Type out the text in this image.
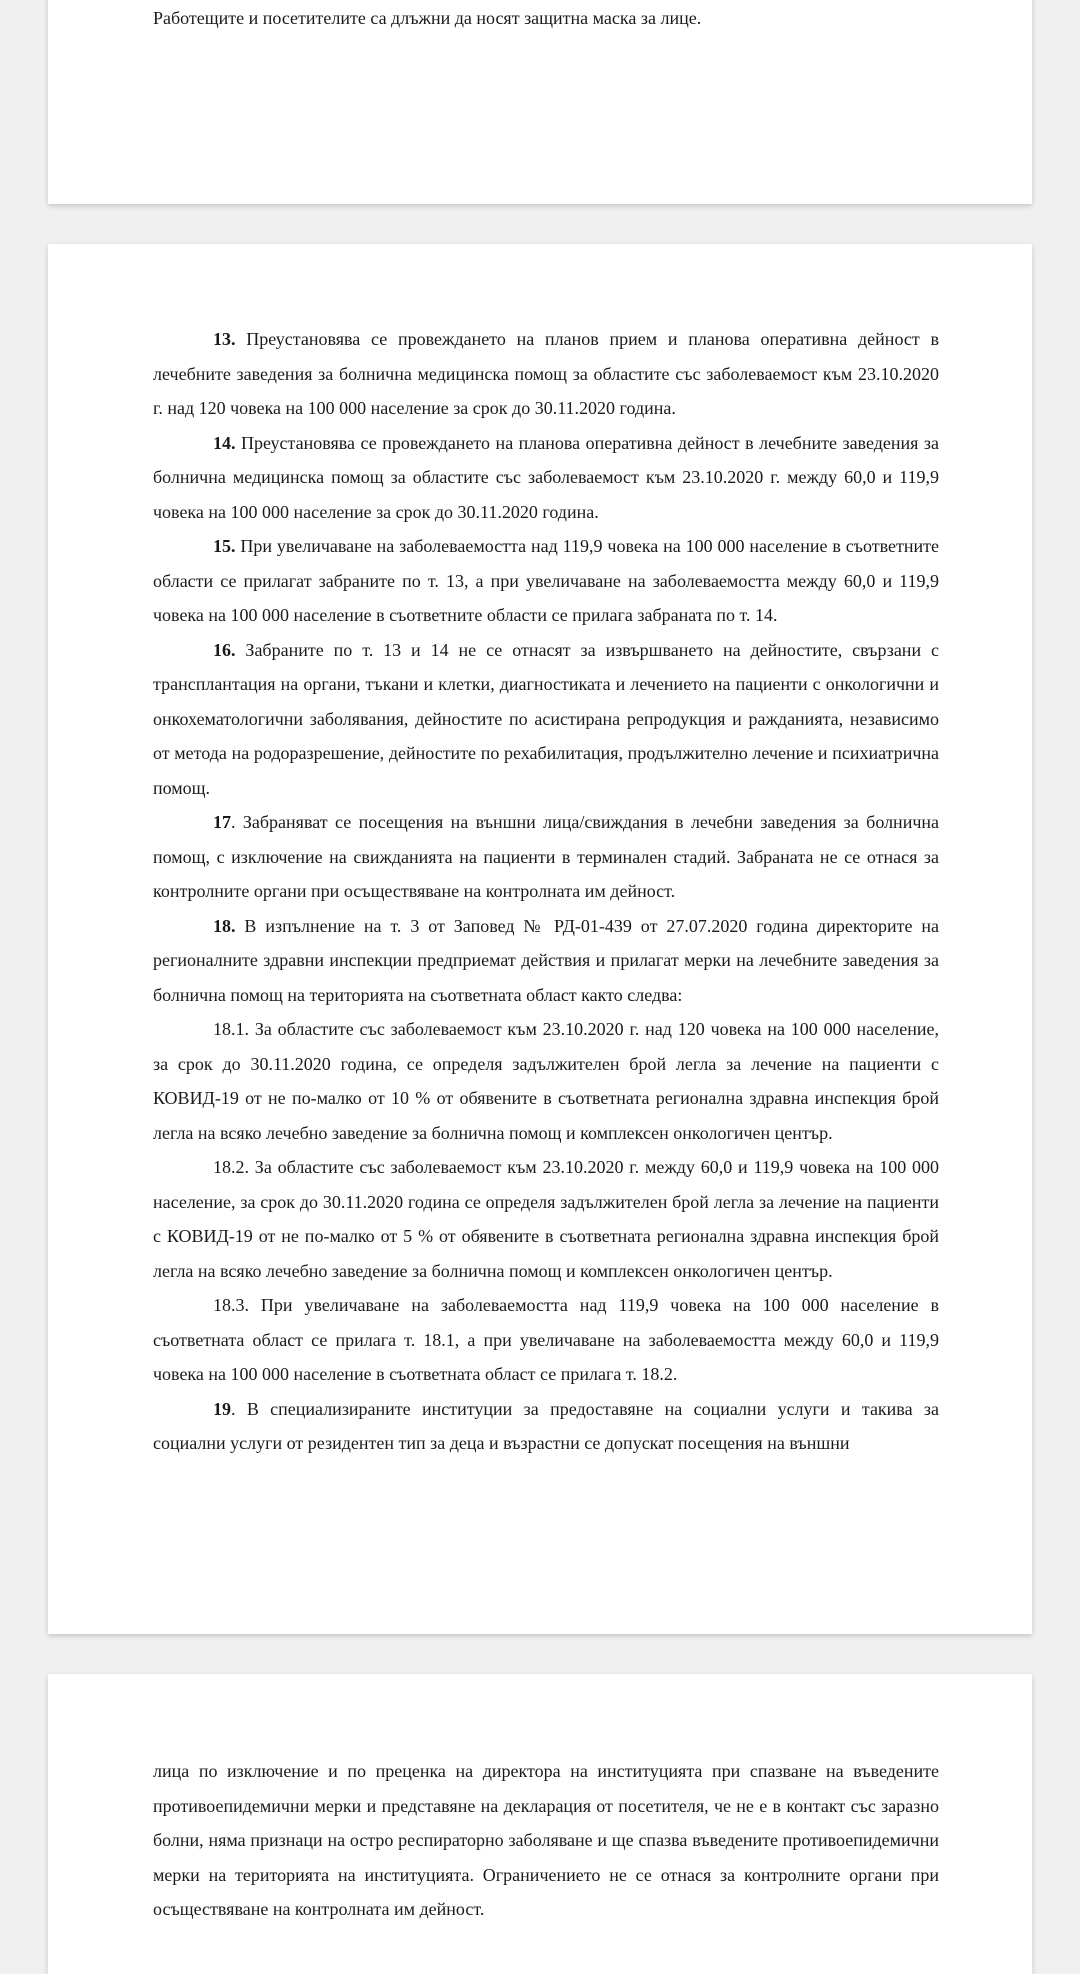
Работещите и посетителите са длъжни да носят защитна маска за лице.

13. Преустановява се провеждането на планов прием и планова оперативна дейност в лечебните заведения за болнична медицинска помощ за областите със заболеваемост към 23.10.2020 г. над 120 човека на 100 000 население за срок до 30.11.2020 година.

14. Преустановява се провеждането на планова оперативна дейност в лечебните заведения за болнична медицинска помощ за областите със заболеваемост към 23.10.2020 г. между 60,0 и 119,9 човека на 100 000 население за срок до 30.11.2020 година.

15. При увеличаване на заболеваемостта над 119,9 човека на 100 000 население в съответните области се прилагат забраните по т. 13, а при увеличаване на заболеваемостта между 60,0 и 119,9 човека на 100 000 население в съответните области се прилага забраната по т. 14.

16. Забраните по т. 13 и 14 не се отнасят за извършването на дейностите, свързани с трансплантация на органи, тъкани и клетки, диагностиката и лечението на пациенти с онкологични и онкохематологични заболявания, дейностите по асистирана репродукция и ражданията, независимо от метода на родоразрешение, дейностите по рехабилитация, продължително лечение и психиатрична помощ.

17. Забраняват се посещения на външни лица/свиждания в лечебни заведения за болнична помощ, с изключение на свижданията на пациенти в терминален стадий. Забраната не се отнася за контролните органи при осъществяване на контролната им дейност.

18. В изпълнение на т. 3 от Заповед № РД-01-439 от 27.07.2020 година директорите на регионалните здравни инспекции предприемат действия и прилагат мерки на лечебните заведения за болнична помощ на територията на съответната област както следва:

18.1. За областите със заболеваемост към 23.10.2020 г. над 120 човека на 100 000 население, за срок до 30.11.2020 година, се определя задължителен брой легла за лечение на пациенти с КОВИД-19 от не по-малко от 10 % от обявените в съответната регионална здравна инспекция брой легла на всяко лечебно заведение за болнична помощ и комплексен онкологичен център.

18.2. За областите със заболеваемост към 23.10.2020 г. между 60,0 и 119,9 човека на 100 000 население, за срок до 30.11.2020 година се определя задължителен брой легла за лечение на пациенти с КОВИД-19 от не по-малко от 5 % от обявените в съответната регионална здравна инспекция брой легла на всяко лечебно заведение за болнична помощ и комплексен онкологичен център.

18.3. При увеличаване на заболеваемостта над 119,9 човека на 100 000 население в съответната област се прилага т. 18.1, а при увеличаване на заболеваемостта между 60,0 и 119,9 човека на 100 000 население в съответната област се прилага т. 18.2.

19. В специализираните институции за предоставяне на социални услуги и такива за социални услуги от резидентен тип за деца и възрастни се допускат посещения на външни

лица по изключение и по преценка на директора на институцията при спазване на въведените противоепидемични мерки и представяне на декларация от посетителя, че не е в контакт със заразно болни, няма признаци на остро респираторно заболяване и ще спазва въведените противоепидемични мерки на територията на институцията. Ограничението не се отнася за контролните органи при осъществяване на контролната им дейност.
